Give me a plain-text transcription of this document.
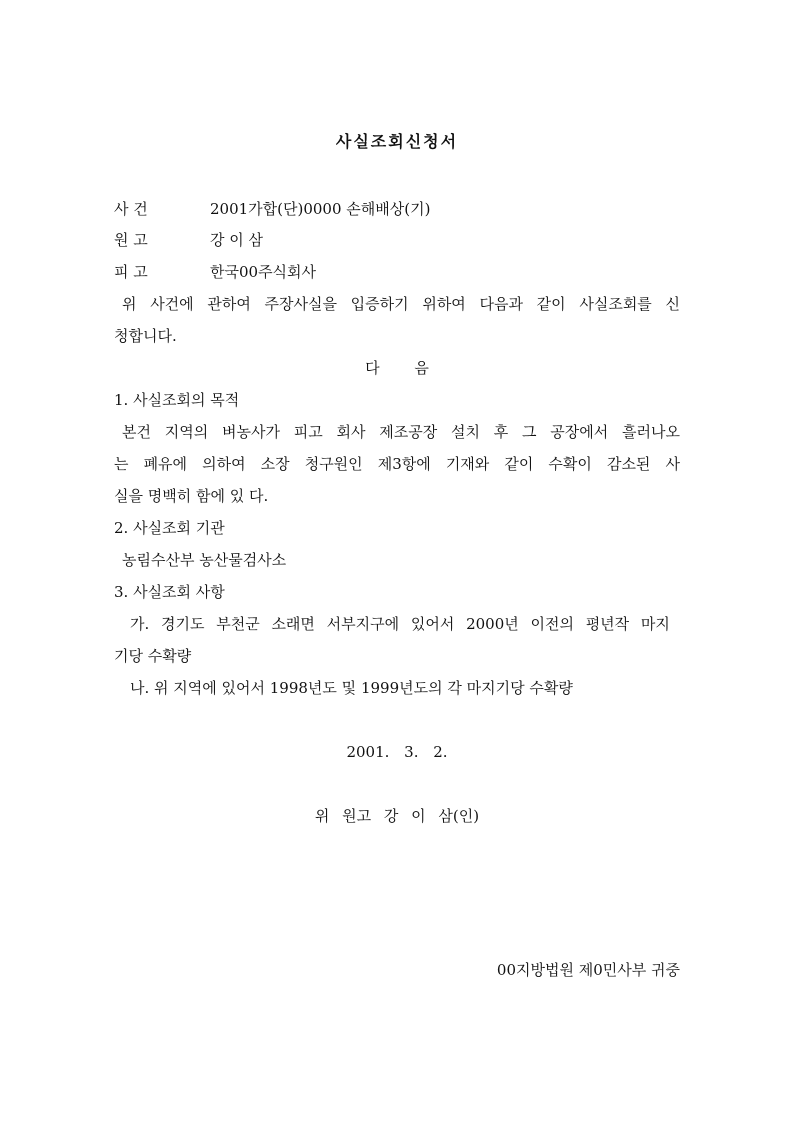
사실조회신청서
사 건	2001가합(단)0000 손해배상(기)
원 고	강 이 삼
피 고	한국00주식회사
위 사건에 관하여 주장사실을 입증하기 위하여 다음과 같이 사실조회를 신
청합니다.
다 음
1. 사실조회의 목적
본건 지역의 벼농사가 피고 회사 제조공장 설치 후 그 공장에서 흘러나오
는 폐유에 의하여 소장 청구원인 제3항에 기재와 같이 수확이 감소된 사
실을 명백히 함에 있 다.
2. 사실조회 기관
농림수산부 농산물검사소
3. 사실조회 사항
가. 경기도 부천군 소래면 서부지구에 있어서 2000년 이전의 평년작 마지
기당 수확량
나. 위 지역에 있어서 1998년도 및 1999년도의 각 마지기당 수확량
2001. 3. 2.
위 원고 강 이 삼(인)
00지방법원 제0민사부 귀중
